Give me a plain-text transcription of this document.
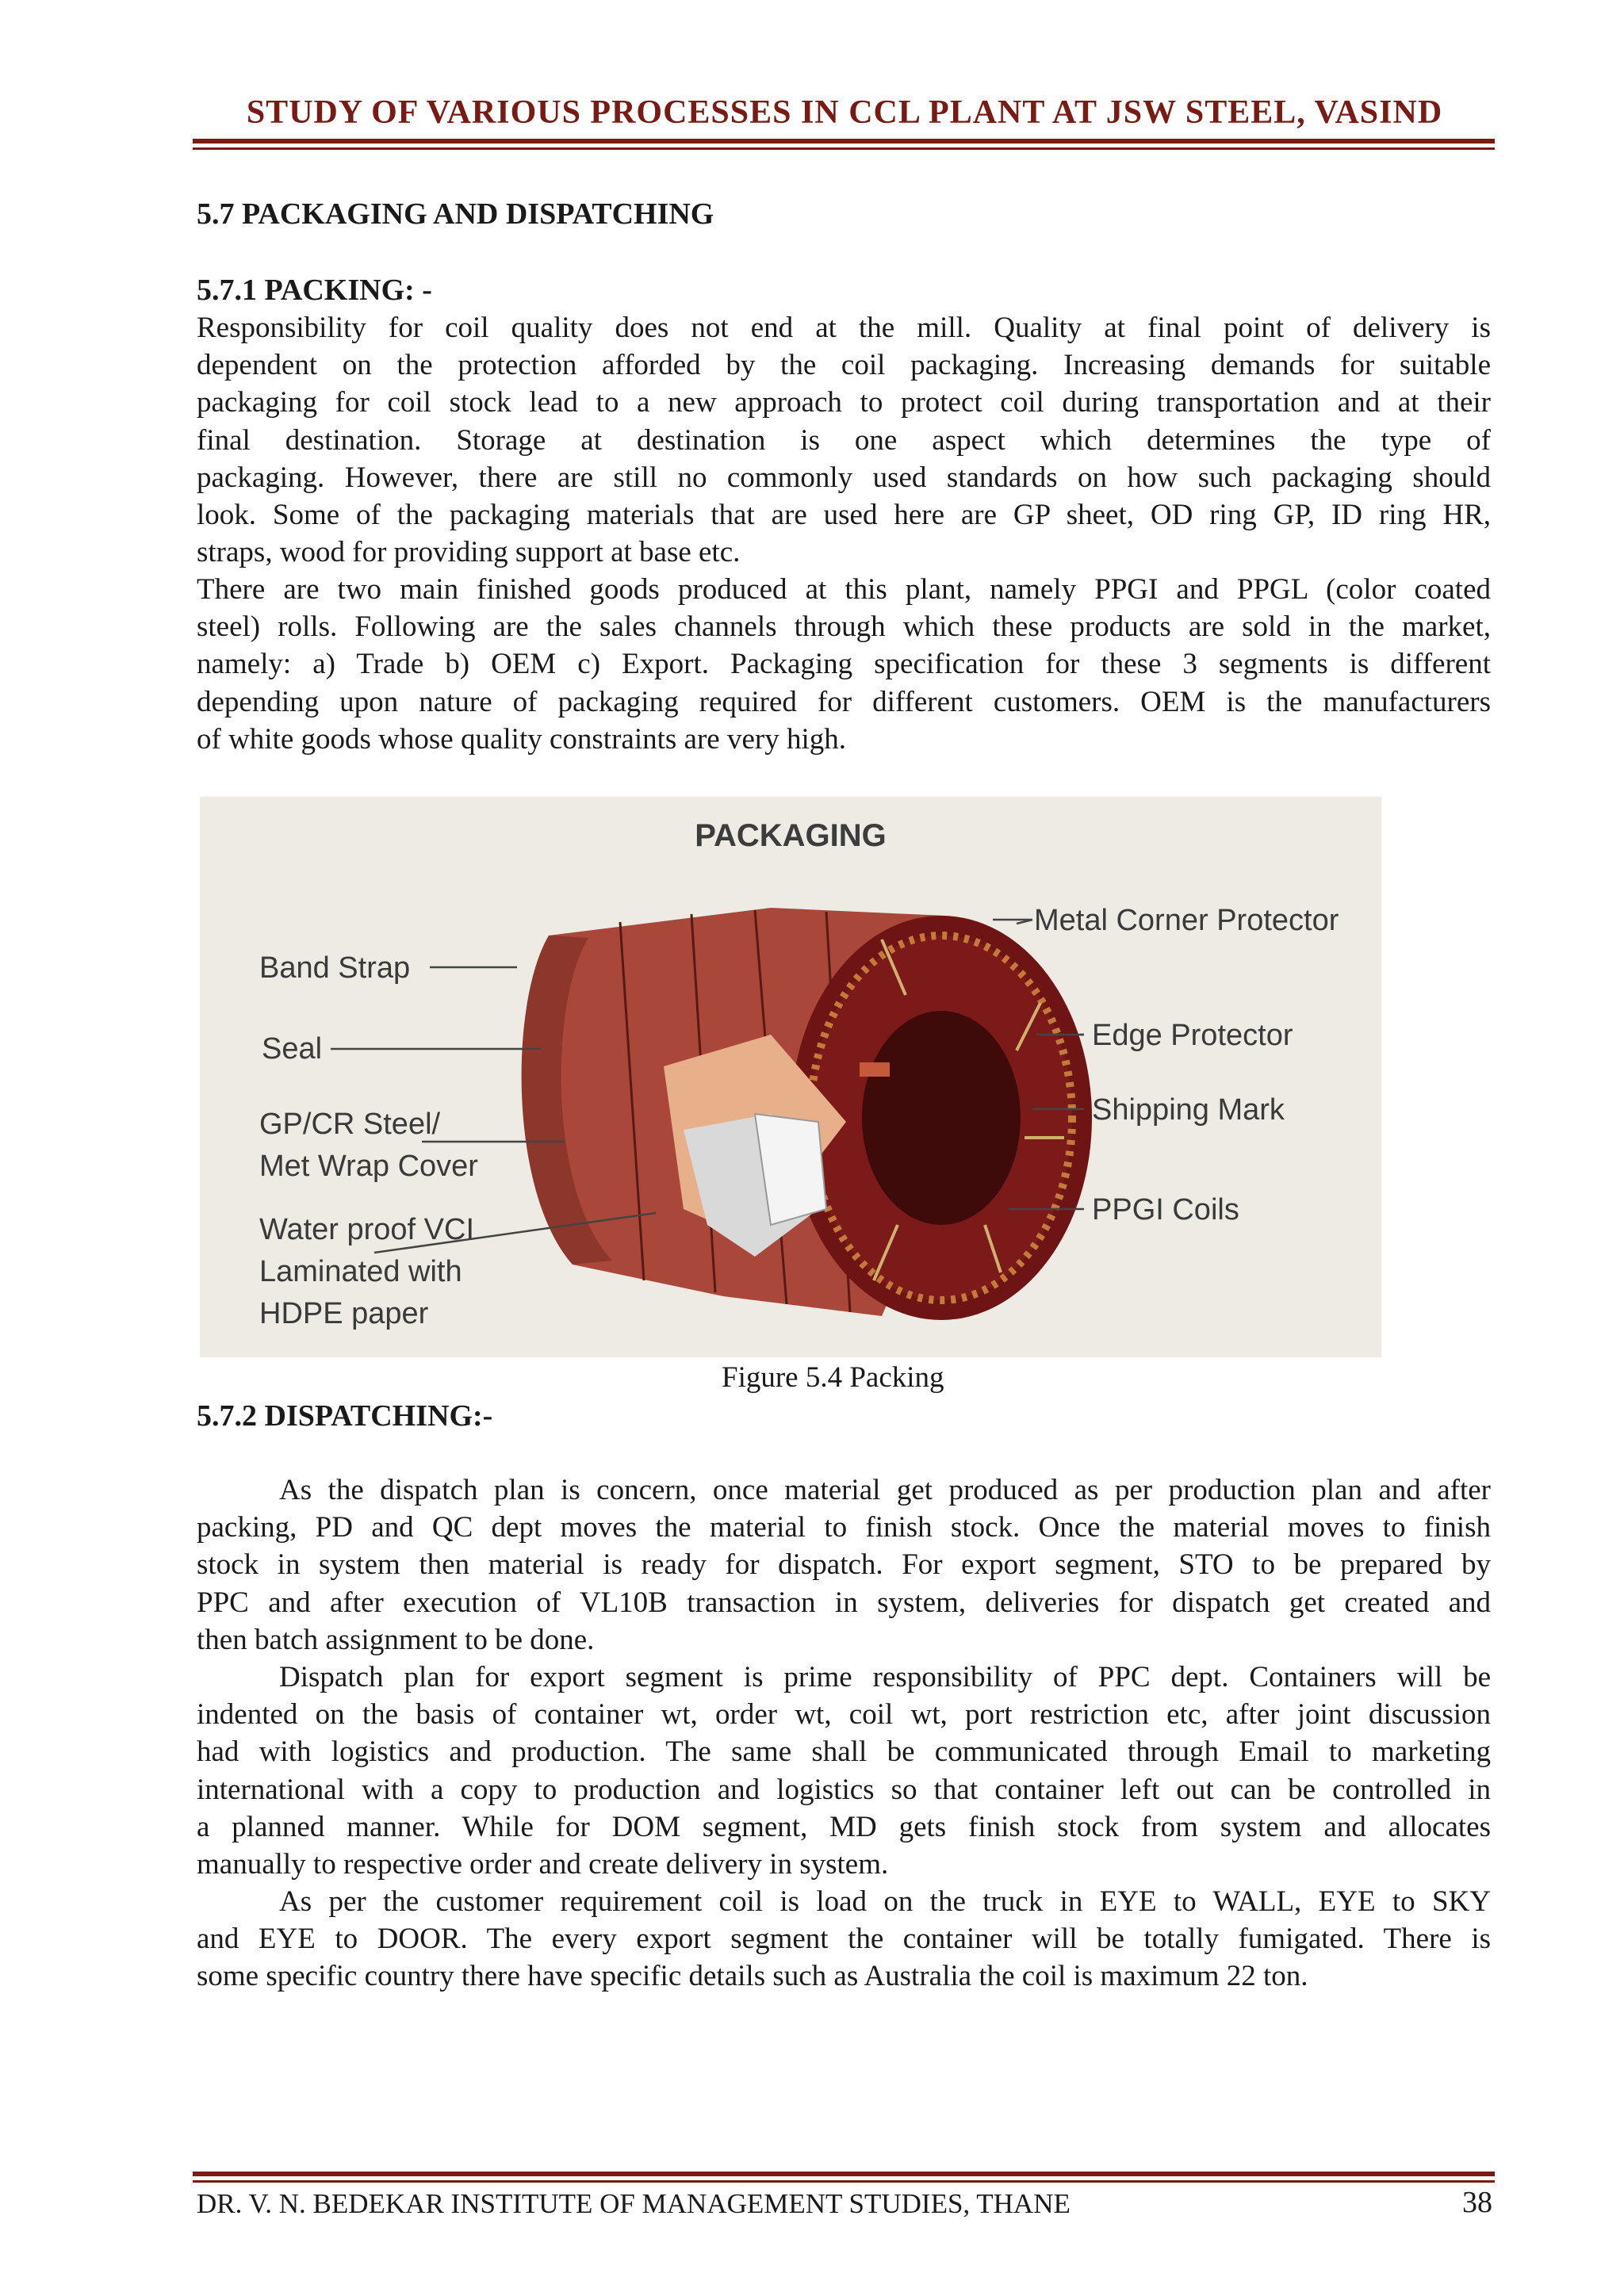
STUDY OF VARIOUS PROCESSES IN CCL PLANT AT JSW STEEL, VASIND
5.7 PACKAGING AND DISPATCHING
5.7.1 PACKING: -
Responsibility for coil quality does not end at the mill. Quality at final point of delivery is
dependent on the protection afforded by the coil packaging. Increasing demands for suitable
packaging for coil stock lead to a new approach to protect coil during transportation and at their
final destination. Storage at destination is one aspect which determines the type of
packaging. However, there are still no commonly used standards on how such packaging should
look. Some of the packaging materials that are used here are GP sheet, OD ring GP, ID ring HR,
straps, wood for providing support at base etc.
There are two main finished goods produced at this plant, namely PPGI and PPGL (color coated
steel) rolls. Following are the sales channels through which these products are sold in the market,
namely: a) Trade b) OEM c) Export. Packaging specification for these 3 segments is different
depending upon nature of packaging required for different customers. OEM is the manufacturers
of white goods whose quality constraints are very high.
PACKAGING
Band Strap
Seal
GP/CR Steel/
Met Wrap Cover
Water proof VCI
Laminated with
HDPE paper
Metal Corner Protector
Edge Protector
Shipping Mark
PPGI Coils
Figure 5.4 Packing
5.7.2 DISPATCHING:-
As the dispatch plan is concern, once material get produced as per production plan and after
packing, PD and QC dept moves the material to finish stock. Once the material moves to finish
stock in system then material is ready for dispatch. For export segment, STO to be prepared by
PPC and after execution of VL10B transaction in system, deliveries for dispatch get created and
then batch assignment to be done.
Dispatch plan for export segment is prime responsibility of PPC dept. Containers will be
indented on the basis of container wt, order wt, coil wt, port restriction etc, after joint discussion
had with logistics and production. The same shall be communicated through Email to marketing
international with a copy to production and logistics so that container left out can be controlled in
a planned manner. While for DOM segment, MD gets finish stock from system and allocates
manually to respective order and create delivery in system.
As per the customer requirement coil is load on the truck in EYE to WALL, EYE to SKY
and EYE to DOOR. The every export segment the container will be totally fumigated. There is
some specific country there have specific details such as Australia the coil is maximum 22 ton.
DR. V. N. BEDEKAR INSTITUTE OF MANAGEMENT STUDIES, THANE	38
